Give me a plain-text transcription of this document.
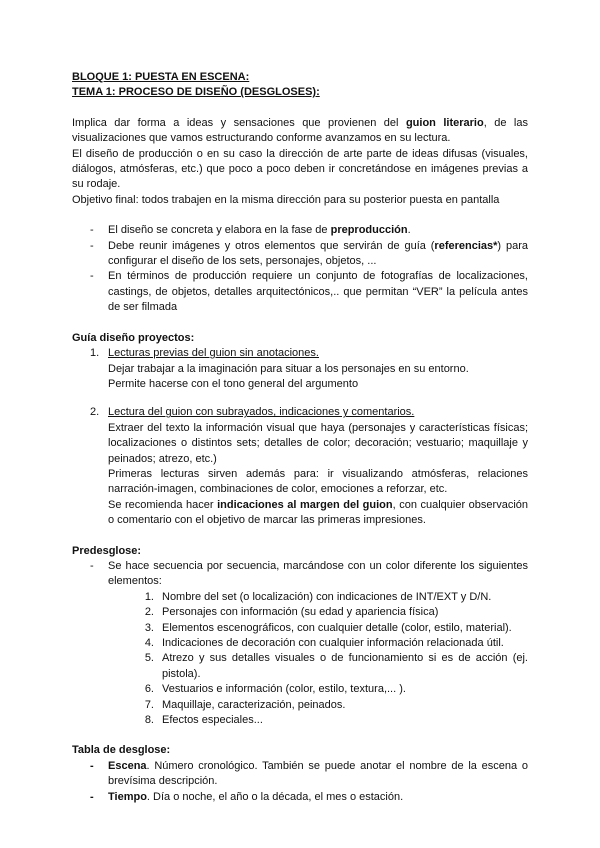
BLOQUE 1: PUESTA EN ESCENA:

TEMA 1: PROCESO DE DISEÑO (DESGLOSES):

Implica dar forma a ideas y sensaciones que provienen del guion literario, de las visualizaciones que vamos estructurando conforme avanzamos en su lectura.

El diseño de producción o en su caso la dirección de arte parte de ideas difusas (visuales, diálogos, atmósferas, etc.) que poco a poco deben ir concretándose en imágenes previas a su rodaje.

Objetivo final: todos trabajen en la misma dirección para su posterior puesta en pantalla

-	El diseño se concreta y elabora en la fase de preproducción.
-	Debe reunir imágenes y otros elementos que servirán de guía (referencias*) para configurar el diseño de los sets, personajes, objetos, ...
-	En términos de producción requiere un conjunto de fotografías de localizaciones, castings, de objetos, detalles arquitectónicos,.. que permitan “VER” la película antes de ser filmada

Guía diseño proyectos:

1. Lecturas previas del guion sin anotaciones.

Dejar trabajar a la imaginación para situar a los personajes en su entorno.

Permite hacerse con el tono general del argumento

2. Lectura del guion con subrayados, indicaciones y comentarios.

Extraer del texto la información visual que haya (personajes y características físicas; localizaciones o distintos sets; detalles de color; decoración; vestuario; maquillaje y peinados; atrezo, etc.)

Primeras lecturas sirven además para: ir visualizando atmósferas, relaciones narración-imagen, combinaciones de color, emociones a reforzar, etc.

Se recomienda hacer indicaciones al margen del guion, con cualquier observación o comentario con el objetivo de marcar las primeras impresiones.

Predesglose:

-	Se hace secuencia por secuencia, marcándose con un color diferente los siguientes elementos:

1. Nombre del set (o localización) con indicaciones de INT/EXT y D/N.
2. Personajes con información (su edad y apariencia física)
3. Elementos escenográficos, con cualquier detalle (color, estilo, material).
4. Indicaciones de decoración con cualquier información relacionada útil.
5. Atrezo y sus detalles visuales o de funcionamiento si es de acción (ej. pistola).
6. Vestuarios e información (color, estilo, textura,... ).
7. Maquillaje, caracterización, peinados.
8. Efectos especiales...

Tabla de desglose:

-	Escena. Número cronológico. También se puede anotar el nombre de la escena o brevísima descripción.
-	Tiempo. Día o noche, el año o la década, el mes o estación.
